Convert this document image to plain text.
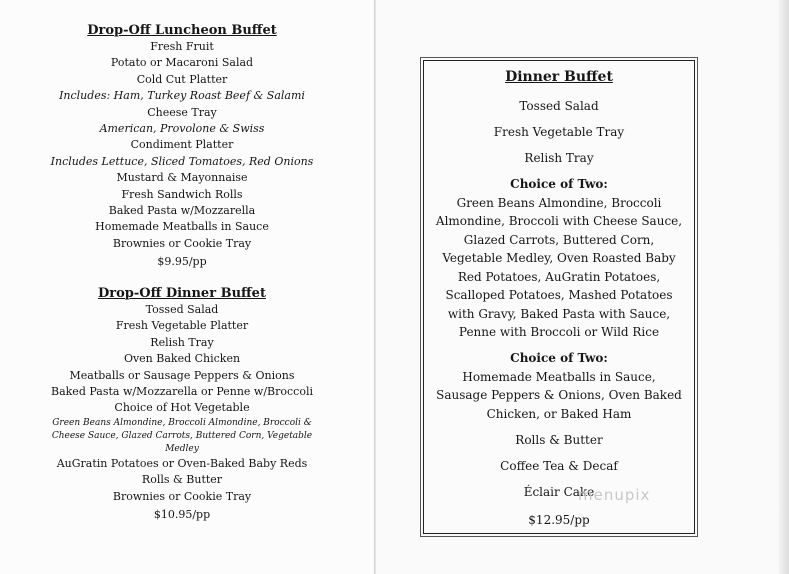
Drop-Off Luncheon Buffet

Fresh Fruit

Potato or Macaroni Salad

Cold Cut Platter

Includes: Ham, Turkey Roast Beef & Salami

Cheese Tray

American, Provolone & Swiss

Condiment Platter

Includes Lettuce, Sliced Tomatoes, Red Onions

Mustard & Mayonnaise

Fresh Sandwich Rolls

Baked Pasta w/Mozzarella

Homemade Meatballs in Sauce

Brownies or Cookie Tray

$9.95/pp

Drop-Off Dinner Buffet

Tossed Salad

Fresh Vegetable Platter

Relish Tray

Oven Baked Chicken

Meatballs or Sausage Peppers & Onions

Baked Pasta w/Mozzarella or Penne w/Broccoli

Choice of Hot Vegetable

Green Beans Almondine, Broccoli Almondine, Broccoli & Cheese Sauce, Glazed Carrots, Buttered Corn, Vegetable Medley

AuGratin Potatoes or Oven-Baked Baby Reds

Rolls & Butter

Brownies or Cookie Tray

$10.95/pp

Dinner Buffet

Tossed Salad

Fresh Vegetable Tray

Relish Tray

Choice of Two:

Green Beans Almondine, Broccoli

Almondine, Broccoli with Cheese Sauce,

Glazed Carrots, Buttered Corn,

Vegetable Medley, Oven Roasted Baby

Red Potatoes, AuGratin Potatoes,

Scalloped Potatoes, Mashed Potatoes

with Gravy, Baked Pasta with Sauce,

Penne with Broccoli or Wild Rice

Choice of Two:

Homemade Meatballs in Sauce,

Sausage Peppers & Onions, Oven Baked

Chicken, or Baked Ham

Rolls & Butter

Coffee Tea & Decaf

Éclair Cake

$12.95/pp
menupix
